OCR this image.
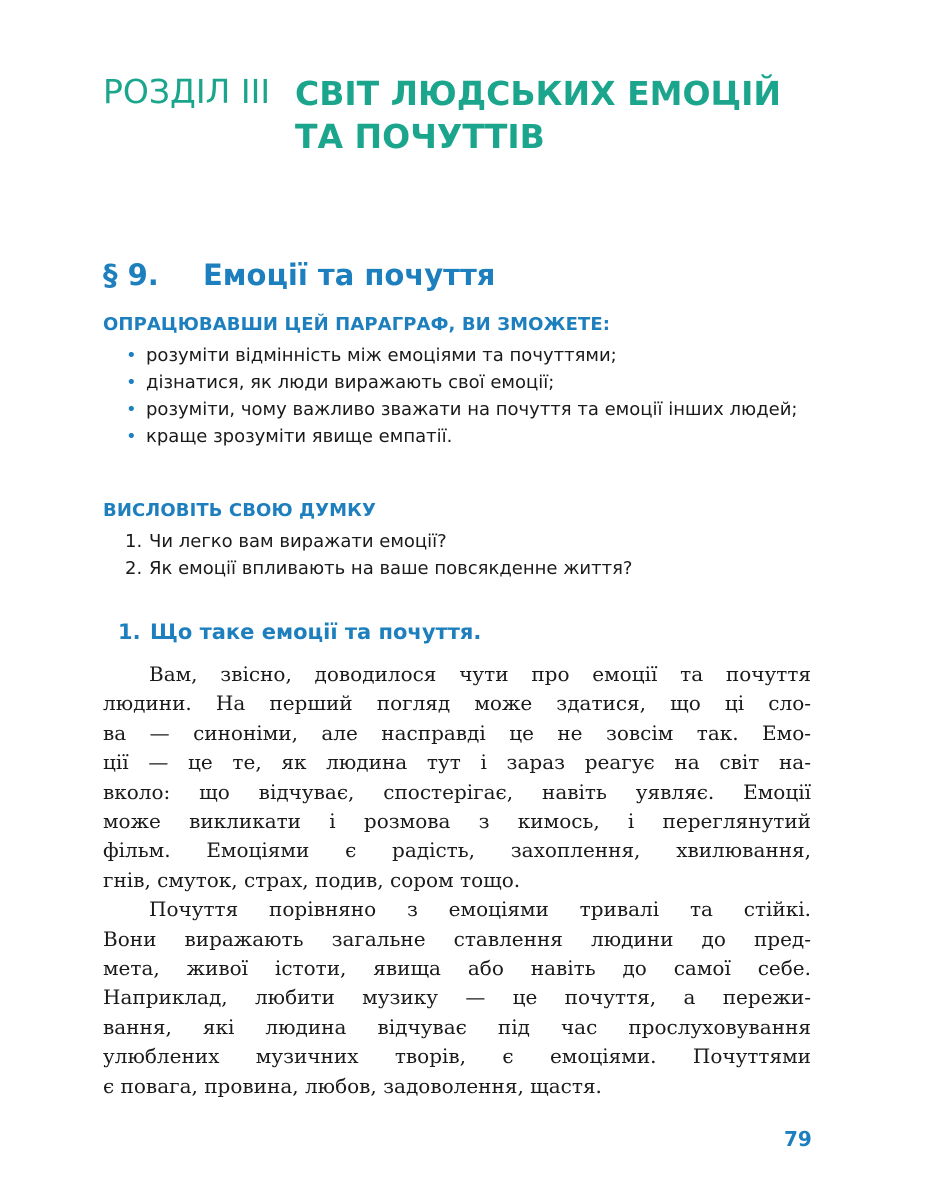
РОЗДІЛ III СВІТ ЛЮДСЬКИХ ЕМОЦІЙ
ТА ПОЧУТТІВ
§ 9. Емоції та почуття
ОПРАЦЮВАВШИ ЦЕЙ ПАРАГРАФ, ВИ ЗМОЖЕТЕ:
• розуміти відмінність між емоціями та почуттями;
• дізнатися, як люди виражають свої емоції;
• розуміти, чому важливо зважати на почуття та емоції інших людей;
• краще зрозуміти явище емпатії.
ВИСЛОВІТЬ СВОЮ ДУМКУ
1. Чи легко вам виражати емоції?
2. Як емоції впливають на ваше повсякденне життя?
1. Що таке емоції та почуття.
Вам, звісно, доводилося чути про емоції та почуття
людини. На перший погляд може здатися, що ці сло-
ва — синоніми, але насправді це не зовсім так. Емо-
ції — це те, як людина тут і зараз реагує на світ на-
вколо: що відчуває, спостерігає, навіть уявляє. Емоції
може викликати і розмова з кимось, і переглянутий
фільм. Емоціями є радість, захоплення, хвилювання,
гнів, смуток, страх, подив, сором тощо.
Почуття порівняно з емоціями тривалі та стійкі.
Вони виражають загальне ставлення людини до пред-
мета, живої істоти, явища або навіть до самої себе.
Наприклад, любити музику — це почуття, а пережи-
вання, які людина відчуває під час прослуховування
улюблених музичних творів, є емоціями. Почуттями
є повага, провина, любов, задоволення, щастя.
79
